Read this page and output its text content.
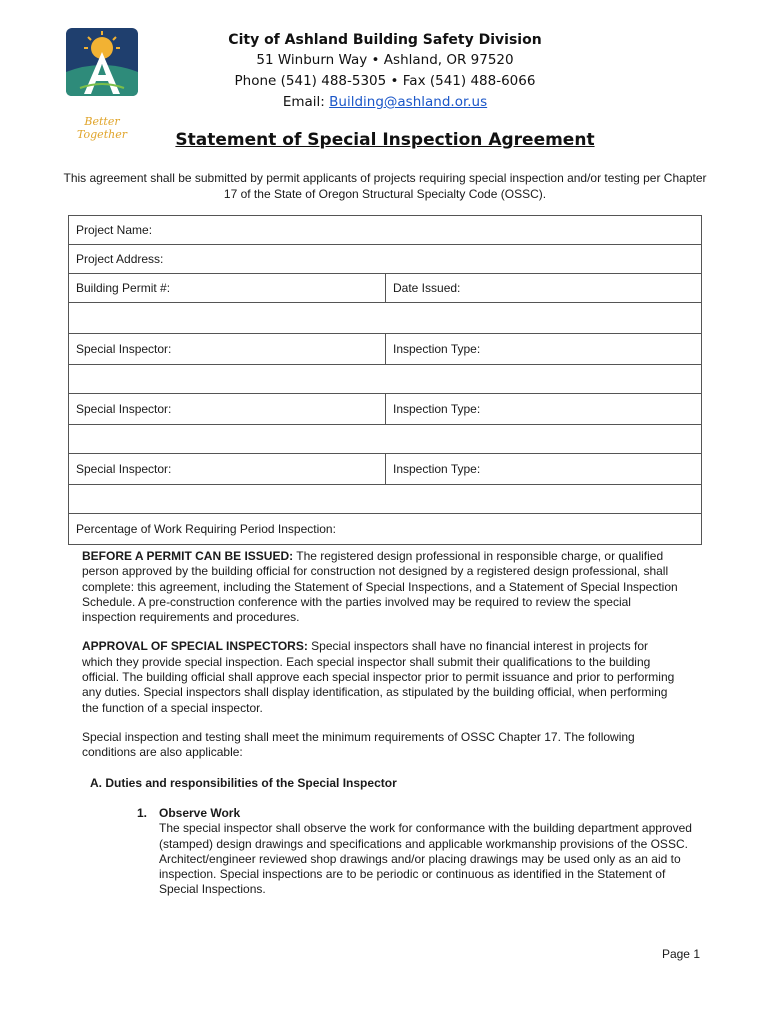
Better Together
City of Ashland Building Safety Division
51 Winburn Way • Ashland, OR 97520
Phone (541) 488-5305 • Fax (541) 488-6066
Email: Building@ashland.or.us
Statement of Special Inspection Agreement
This agreement shall be submitted by permit applicants of projects requiring special inspection and/or testing per Chapter 17 of the State of Oregon Structural Specialty Code (OSSC).
Project Name:	
Project Address:	
Building Permit #:	Date Issued:

Special Inspector:	Inspection Type:

Special Inspector:	Inspection Type:

Special Inspector:	Inspection Type:

Percentage of Work Requiring Period Inspection:	

BEFORE A PERMIT CAN BE ISSUED: The registered design professional in responsible charge, or qualified person approved by the building official for construction not designed by a registered design professional, shall complete: this agreement, including the Statement of Special Inspections, and a Statement of Special Inspection Schedule. A pre-construction conference with the parties involved may be required to review the special inspection requirements and procedures.

APPROVAL OF SPECIAL INSPECTORS: Special inspectors shall have no financial interest in projects for which they provide special inspection. Each special inspector shall submit their qualifications to the building official. The building official shall approve each special inspector prior to permit issuance and prior to performing any duties. Special inspectors shall display identification, as stipulated by the building official, when performing the function of a special inspector.

Special inspection and testing shall meet the minimum requirements of OSSC Chapter 17. The following conditions are also applicable:

A. Duties and responsibilities of the Special Inspector
1. Observe Work
The special inspector shall observe the work for conformance with the building department approved (stamped) design drawings and specifications and applicable workmanship provisions of the OSSC. Architect/engineer reviewed shop drawings and/or placing drawings may be used only as an aid to inspection. Special inspections are to be periodic or continuous as identified in the Statement of Special Inspections.
Page 1
